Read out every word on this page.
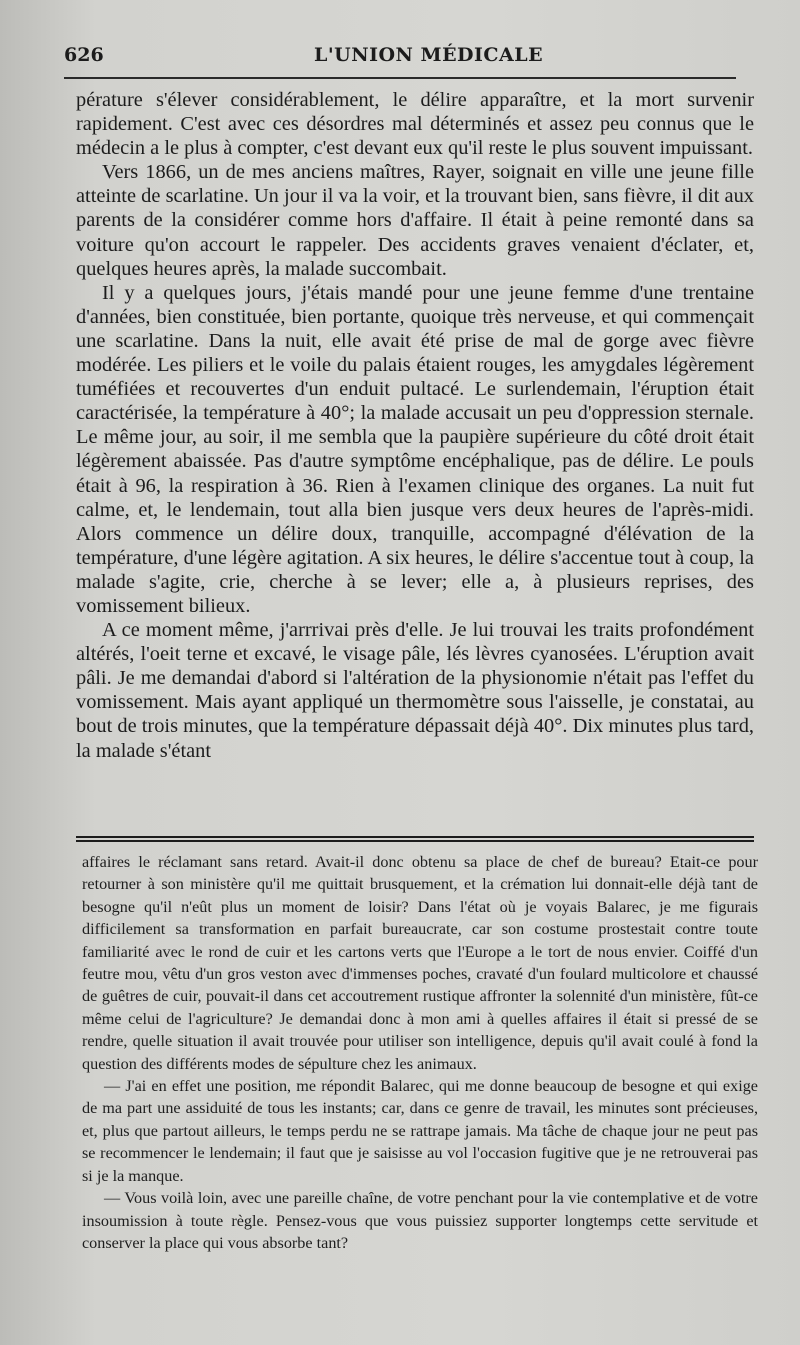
626	L'UNION MÉDICALE

pérature s'élever considérablement, le délire apparaître, et la mort survenir rapidement. C'est avec ces désordres mal déterminés et assez peu connus que le médecin a le plus à compter, c'est devant eux qu'il reste le plus souvent impuissant.

Vers 1866, un de mes anciens maîtres, Rayer, soignait en ville une jeune fille atteinte de scarlatine. Un jour il va la voir, et la trouvant bien, sans fièvre, il dit aux parents de la considérer comme hors d'affaire. Il était à peine remonté dans sa voiture qu'on accourt le rappeler. Des accidents graves venaient d'éclater, et, quelques heures après, la malade succombait.

Il y a quelques jours, j'étais mandé pour une jeune femme d'une trentaine d'années, bien constituée, bien portante, quoique très nerveuse, et qui commençait une scarlatine. Dans la nuit, elle avait été prise de mal de gorge avec fièvre modérée. Les piliers et le voile du palais étaient rouges, les amygdales légèrement tuméfiées et recouvertes d'un enduit pultacé. Le surlendemain, l'éruption était caractérisée, la température à 40°; la malade accusait un peu d'oppression sternale. Le même jour, au soir, il me sembla que la paupière supérieure du côté droit était légèrement abaissée. Pas d'autre symptôme encéphalique, pas de délire. Le pouls était à 96, la respiration à 36. Rien à l'examen clinique des organes. La nuit fut calme, et, le lendemain, tout alla bien jusque vers deux heures de l'après-midi. Alors commence un délire doux, tranquille, accompagné d'élévation de la température, d'une légère agitation. A six heures, le délire s'accentue tout à coup, la malade s'agite, crie, cherche à se lever; elle a, à plusieurs reprises, des vomissement bilieux.

A ce moment même, j'arrrivai près d'elle. Je lui trouvai les traits profondément altérés, l'oeit terne et excavé, le visage pâle, lés lèvres cyanosées. L'éruption avait pâli. Je me demandai d'abord si l'altération de la physionomie n'était pas l'effet du vomissement. Mais ayant appliqué un thermomètre sous l'aisselle, je constatai, au bout de trois minutes, que la température dépassait déjà 40°. Dix minutes plus tard, la malade s'étant

affaires le réclamant sans retard. Avait-il donc obtenu sa place de chef de bureau? Etait-ce pour retourner à son ministère qu'il me quittait brusquement, et la crémation lui donnait-elle déjà tant de besogne qu'il n'eût plus un moment de loisir? Dans l'état où je voyais Balarec, je me figurais difficilement sa transformation en parfait bureaucrate, car son costume prostestait contre toute familiarité avec le rond de cuir et les cartons verts que l'Europe a le tort de nous envier. Coiffé d'un feutre mou, vêtu d'un gros veston avec d'immenses poches, cravaté d'un foulard multicolore et chaussé de guêtres de cuir, pouvait-il dans cet accoutrement rustique affronter la solennité d'un ministère, fût-ce même celui de l'agriculture? Je demandai donc à mon ami à quelles affaires il était si pressé de se rendre, quelle situation il avait trouvée pour utiliser son intelligence, depuis qu'il avait coulé à fond la question des différents modes de sépulture chez les animaux.

— J'ai en effet une position, me répondit Balarec, qui me donne beaucoup de besogne et qui exige de ma part une assiduité de tous les instants; car, dans ce genre de travail, les minutes sont précieuses, et, plus que partout ailleurs, le temps perdu ne se rattrape jamais. Ma tâche de chaque jour ne peut pas se recommencer le lendemain; il faut que je saisisse au vol l'occasion fugitive que je ne retrouverai pas si je la manque.

— Vous voilà loin, avec une pareille chaîne, de votre penchant pour la vie contemplative et de votre insoumission à toute règle. Pensez-vous que vous puissiez supporter longtemps cette servitude et conserver la place qui vous absorbe tant?
